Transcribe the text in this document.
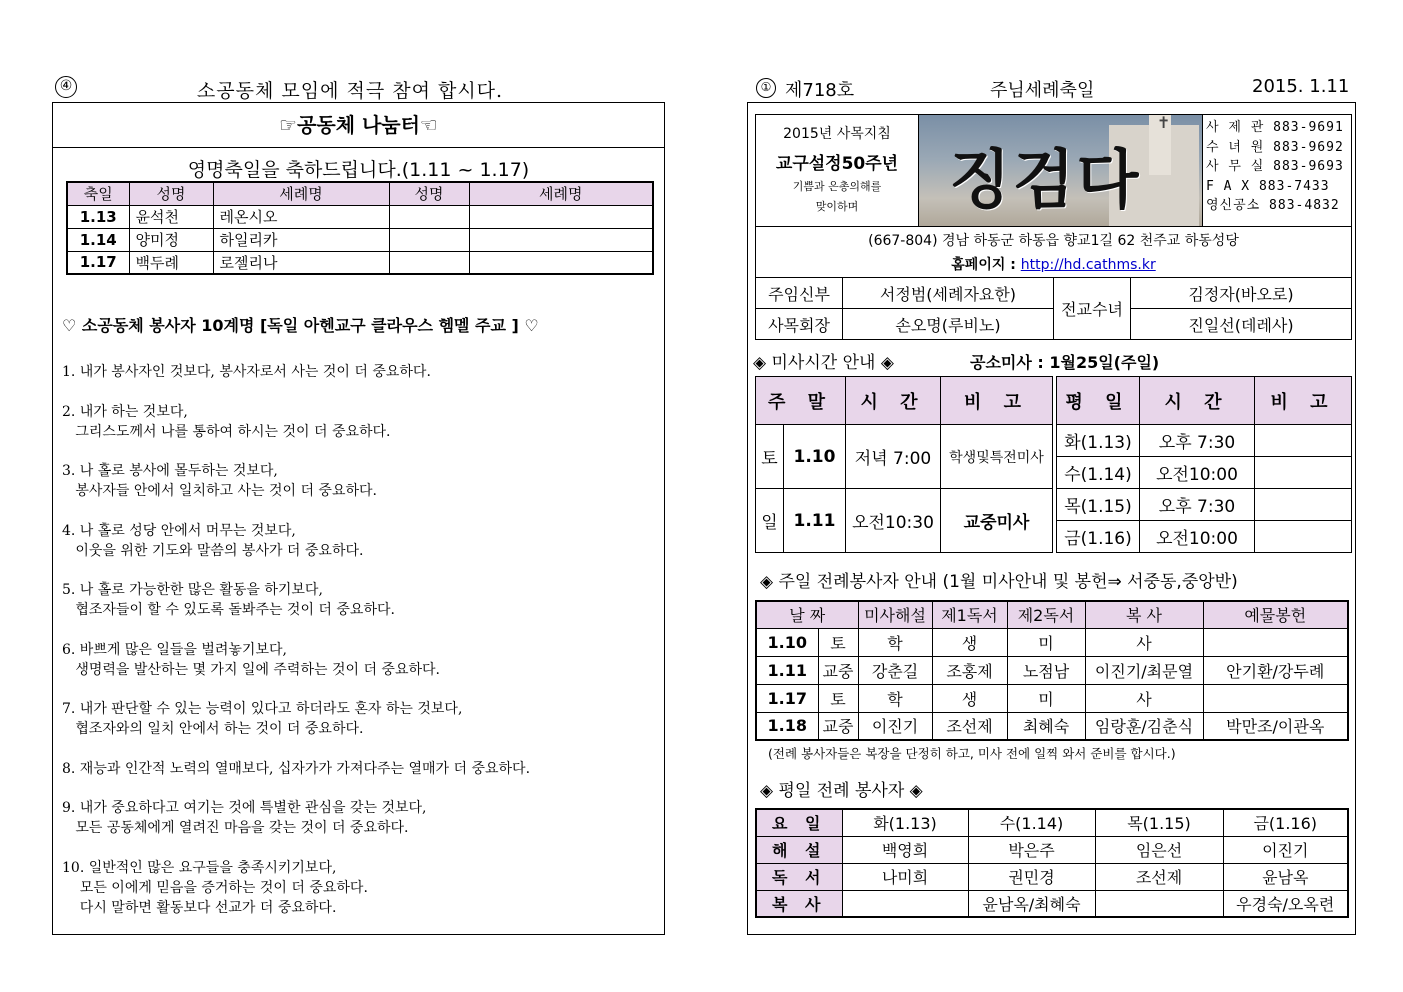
④	소공동체 모임에 적극 참여 합시다.
☞공동체 나눔터☜
영명축일을 축하드립니다.(1.11 ~ 1.17)
축일	성명	세례명	성명	세례명
1.13	윤석천	레온시오		
1.14	양미정	하일리카		
1.17	백두례	로젤리나		
♡ 소공동체 봉사자 10계명 [독일 아헨교구 클라우스 헴멜 주교 ] ♡
1. 내가 봉사자인 것보다, 봉사자로서 사는 것이 더 중요하다.
2. 내가 하는 것보다,
그리스도께서 나를 통하여 하시는 것이 더 중요하다.
3. 나 홀로 봉사에 몰두하는 것보다,
봉사자들 안에서 일치하고 사는 것이 더 중요하다.
4. 나 홀로 성당 안에서 머무는 것보다,
이웃을 위한 기도와 말씀의 봉사가 더 중요하다.
5. 나 홀로 가능한한 많은 활동을 하기보다,
협조자들이 할 수 있도록 돌봐주는 것이 더 중요하다.
6. 바쁘게 많은 일들을 벌려놓기보다,
생명력을 발산하는 몇 가지 일에 주력하는 것이 더 중요하다.
7. 내가 판단할 수 있는 능력이 있다고 하더라도 혼자 하는 것보다,
협조자와의 일치 안에서 하는 것이 더 중요하다.
8. 재능과 인간적 노력의 열매보다, 십자가가 가져다주는 열매가 더 중요하다.
9. 내가 중요하다고 여기는 것에 특별한 관심을 갖는 것보다,
모든 공동체에게 열려진 마음을 갖는 것이 더 중요하다.
10. 일반적인 많은 요구들을 충족시키기보다,
모든 이에게 믿음을 증거하는 것이 더 중요하다.
다시 말하면 활동보다 선교가 더 중요하다.
① 제718호	주님세례축일	2015. 1.11
2015년 사목지침
교구설정50주년
기쁨과 은총의해를
맞이하며
✝
징검다
사 제 관 883-9691
수 녀 원 883-9692
사 무 실 883-9693
F A X 883-7433
영신공소 883-4832
(667-804) 경남 하동군 하동읍 향교1길 62 천주교 하동성당
홈페이지 : http://hd.cathms.kr
주임신부	서정범(세례자요한)	전교수녀	김정자(바오로)
사목회장	손오명(루비노)		진일선(데레사)
◈ 미사시간 안내 ◈	공소미사 : 1월25일(주일)
주 말		시 간	비 고		평 일	시 간	비 고
토	1.10	저녁 7:00	학생및특전미사		화(1.13)	오후 7:30	
					수(1.14)	오전10:00	
일	1.11	오전10:30	교중미사		목(1.15)	오후 7:30	
					금(1.16)	오전10:00	
◈ 주일 전례봉사자 안내 (1월 미사안내 및 봉헌⇒ 서중동,중앙반)
날 짜		미사해설	제1독서	제2독서	복 사	예물봉헌
1.10	토	학	생	미	사	
1.11	교중	강춘길	조홍제	노점남	이진기/최문열	안기환/강두례
1.17	토	학	생	미	사	
1.18	교중	이진기	조선제	최혜숙	임랑훈/김춘식	박만조/이관옥
(전례 봉사자들은 복장을 단정히 하고, 미사 전에 일찍 와서 준비를 합시다.)
◈ 평일 전례 봉사자 ◈
요 일	화(1.13)	수(1.14)	목(1.15)	금(1.16)
해 설	백영희	박은주	임은선	이진기
독 서	나미희	권민경	조선제	윤남옥
복 사		윤남옥/최혜숙		우경숙/오옥련
